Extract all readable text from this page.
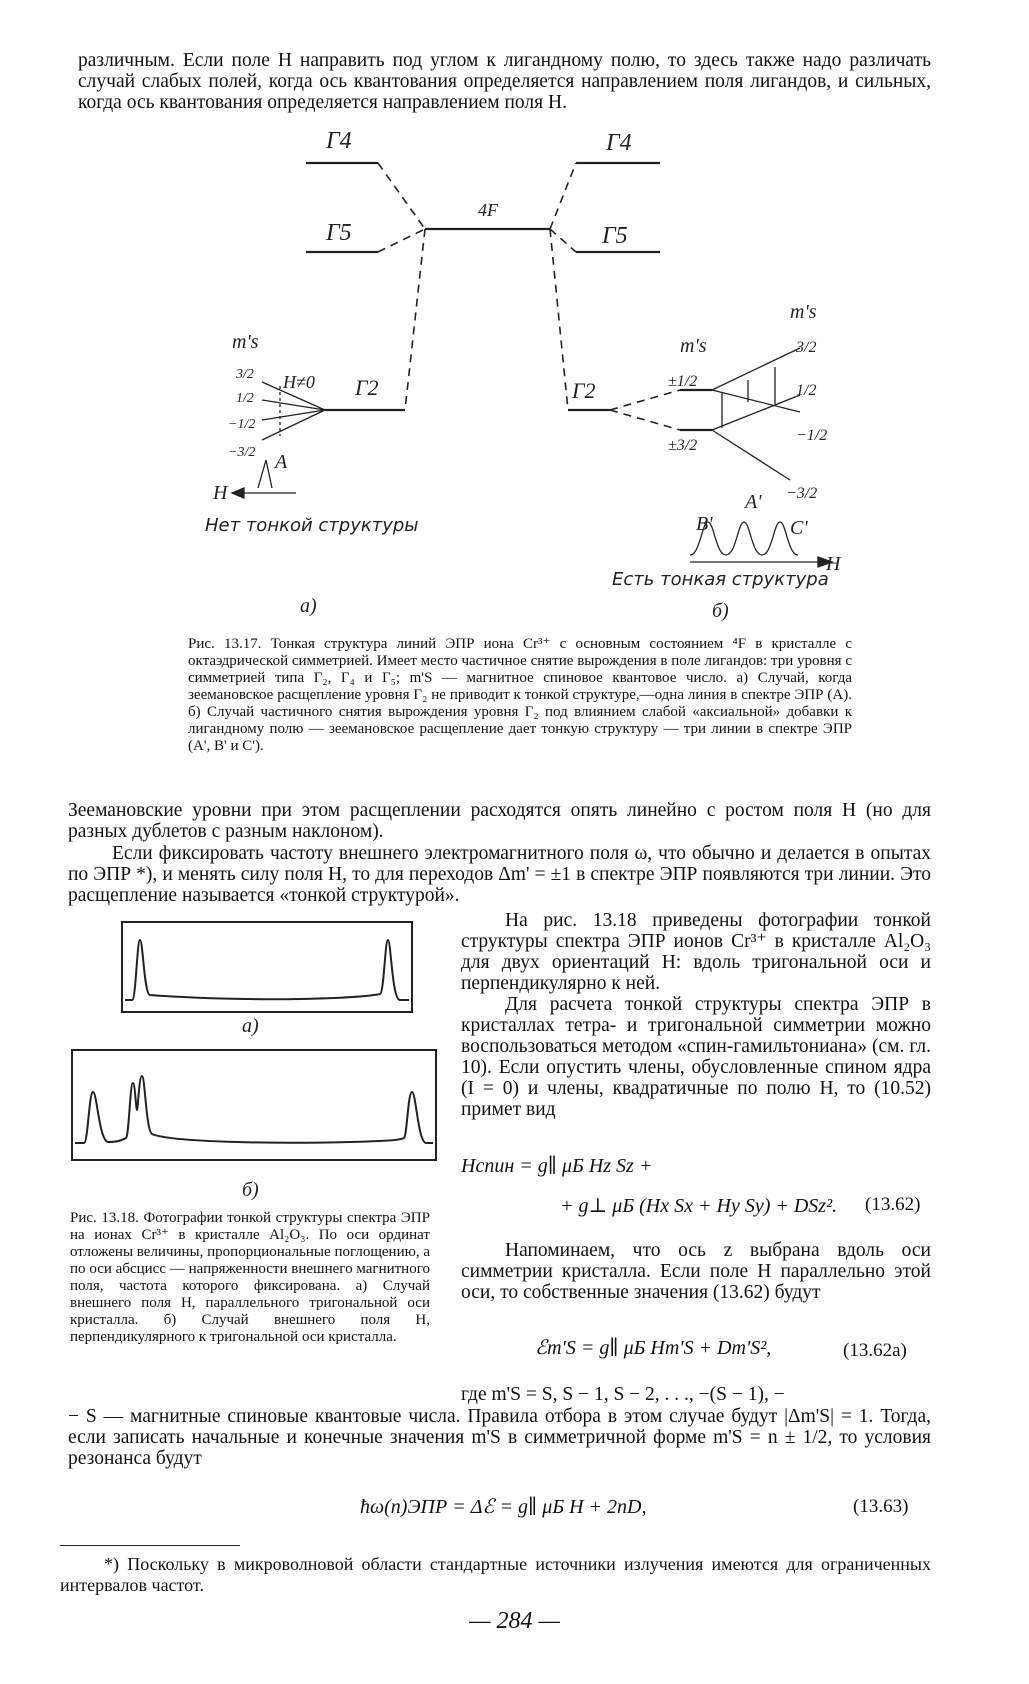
различным. Если поле H направить под углом к лигандному полю, то здесь также надо различать случай слабых полей, когда ось квантования определяется направлением поля лигандов, и сильных, когда ось квантования определяется направлением поля H.

Γ4	Γ4
4F
Γ5	Γ5
Γ2	Γ2
m's
m's
m's
H≠0
A
H	A'
B'	C'
H
Нет тонкой структуры
Есть тонкая структура
а)	б)
3/2
1/2
−1/2
−3/2
±1/2
±3/2
3/2
1/2
−1/2
−3/2

Рис. 13.17. Тонкая структура линий ЭПР иона Cr³⁺ с основным состоянием ⁴F в кристалле с октаэдрической симметрией. Имеет место частичное снятие вырождения в поле лигандов: три уровня с симметрией типа Γ₂, Γ₄ и Γ₅; m'S — магнитное спиновое квантовое число. а) Случай, когда зеемановское расщепление уровня Γ₂ не приводит к тонкой структуре,—одна линия в спектре ЭПР (A). б) Случай частичного снятия вырождения уровня Γ₂ под влиянием слабой «аксиальной» добавки к лигандному полю — зеемановское расщепление дает тонкую структуру — три линии в спектре ЭПР (A', B' и C').

Зеемановские уровни при этом расщеплении расходятся опять линейно с ростом поля H (но для разных дублетов с разным наклоном).

Если фиксировать частоту внешнего электромагнитного поля ω, что обычно и делается в опытах по ЭПР *), и менять силу поля H, то для переходов Δm' = ±1 в спектре ЭПР появляются три линии. Это расщепление называется «тонкой структурой».

а)
б)

Рис. 13.18. Фотографии тонкой структуры спектра ЭПР на ионах Cr³⁺ в кристалле Al₂O₃. По оси ординат отложены величины, пропорциональные поглощению, а по оси абсцисс — напряженности внешнего магнитного поля, частота которого фиксирована. а) Случай внешнего поля H, параллельного тригональной оси кристалла. б) Случай внешнего поля H, перпендикулярного к тригональной оси кристалла.

На рис. 13.18 приведены фотографии тонкой структуры спектра ЭПР ионов Cr³⁺ в кристалле Al₂O₃ для двух ориентаций H: вдоль тригональной оси и перпендикулярно к ней.

Для расчета тонкой структуры спектра ЭПР в кристаллах тетра- и тригональной симметрии можно воспользоваться методом «спин-гамильтониана» (см. гл. 10). Если опустить члены, обусловленные спином ядра (I = 0) и члены, квадратичные по полю H, то (10.52) примет вид

Hспин = g∥ μБ Hz Sz +
+ g⊥ μБ (Hx Sx + Hy Sy) + DSz². (13.62)

Напоминаем, что ось z выбрана вдоль оси симметрии кристалла. Если поле H параллельно этой оси, то собственные значения (13.62) будут

ℰm'S = g∥ μБ Hm'S + Dm'S²,	(13.62а)

где m'S = S, S − 1, S − 2, . . ., −(S − 1), −

− S — магнитные спиновые квантовые числа. Правила отбора в этом случае будут |Δm'S| = 1. Тогда, если записать начальные и конечные значения m'S в симметричной форме m'S = n ± 1/2, то условия резонанса будут

ħω(n)ЭПР = Δℰ = g∥ μБ H + 2nD,	(13.63)
*) Поскольку в микроволновой области стандартные источники излучения имеются для ограниченных интервалов частот.
— 284 —
